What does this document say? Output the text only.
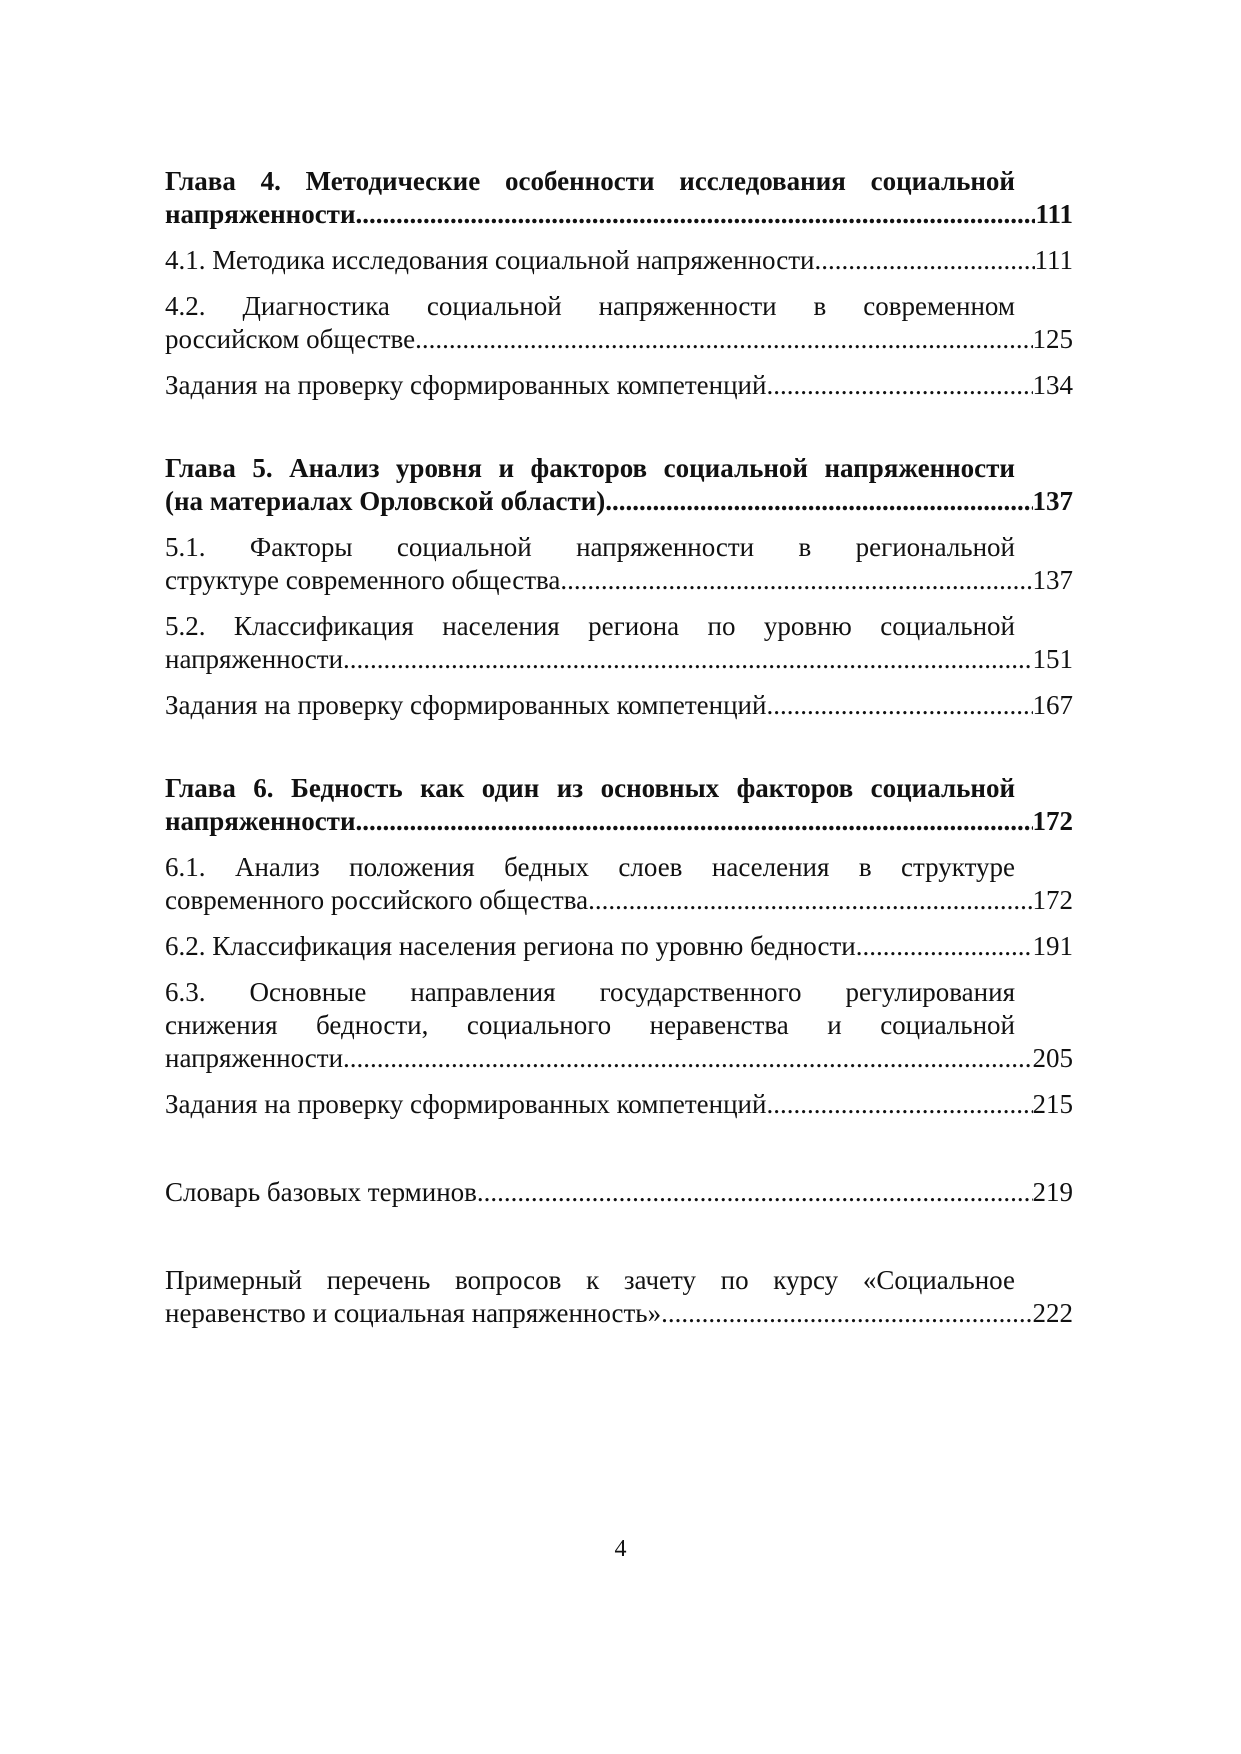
Глава 4. Методические особенности исследования социальной
напряженности .....	111
4.1. Методика исследования социальной напряженности .....	111
4.2. Диагностика социальной напряженности в современном
российском обществе .....	125
Задания на проверку сформированных компетенций .....	134
Глава 5. Анализ уровня и факторов социальной напряженности
(на материалах Орловской области) .....	137
5.1. Факторы социальной напряженности в региональной
структуре современного общества .....	137
5.2. Классификация населения региона по уровню социальной
напряженности .....	151
Задания на проверку сформированных компетенций .....	167
Глава 6. Бедность как один из основных факторов социальной
напряженности .....	172
6.1. Анализ положения бедных слоев населения в структуре
современного российского общества .....	172
6.2. Классификация населения региона по уровню бедности .....	191
6.3. Основные направления государственного регулирования
снижения бедности, социального неравенства и социальной
напряженности .....	205
Задания на проверку сформированных компетенций .....	215
Словарь базовых терминов .....	219
Примерный перечень вопросов к зачету по курсу «Социальное
неравенство и социальная напряженность» .....	222
4
